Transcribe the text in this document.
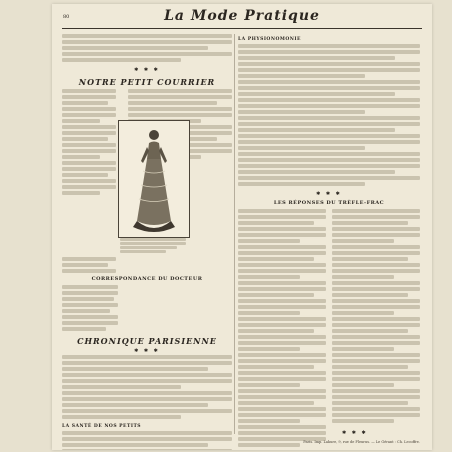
80	La Mode Pratique
✱ ✱ ✱
NOTRE PETIT COURRIER
CORRESPONDANCE DU DOCTEUR
CHRONIQUE PARISIENNE
✱ ✱ ✱
LA SANTÉ DE NOS PETITS
LA PHYSIONOMONIE
✱ ✱ ✱
LES RÉPONSES DU TRÈFLE-FRAC
✱ ✱ ✱
Paris. Imp. Lahure, 9, rue de Fleurus. — Le Gérant : Ch. Lecoffre.
